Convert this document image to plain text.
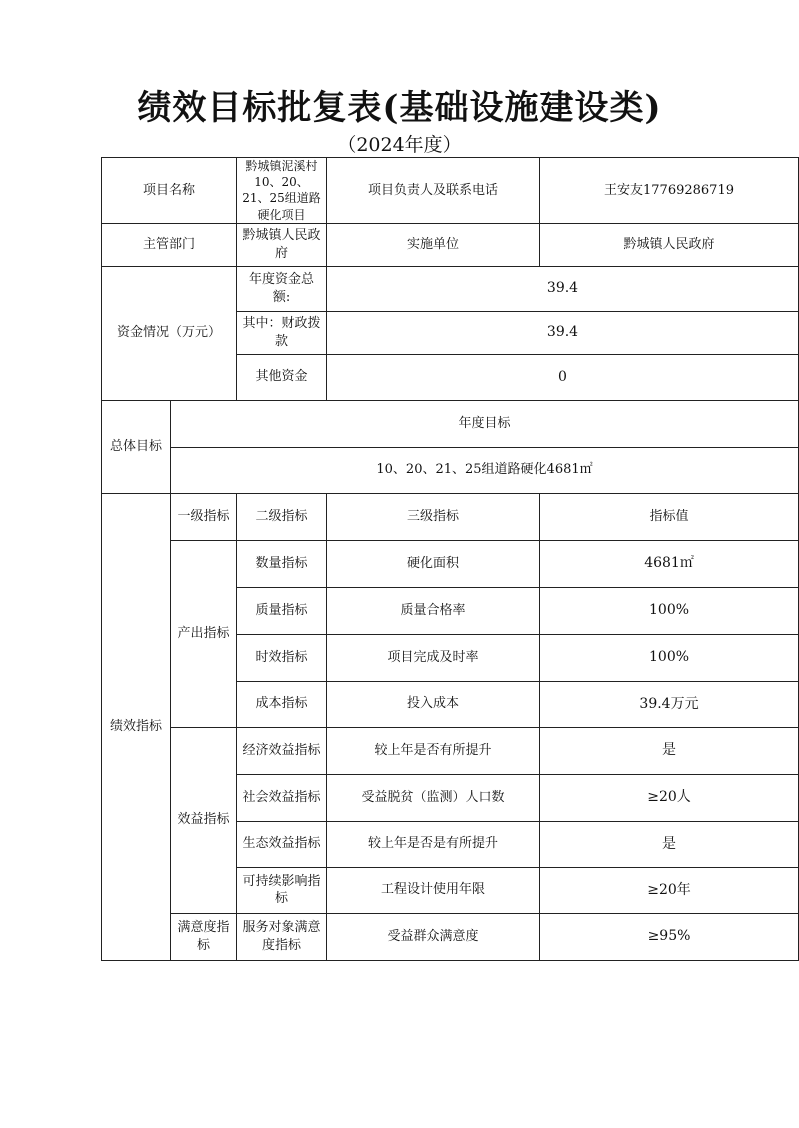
绩效目标批复表(基础设施建设类)
（2024年度）
项目名称		黔城镇泥溪村10、20、21、25组道路硬化项目	项目负责人及联系电话	王安友17769286719
主管部门		黔城镇人民政府	实施单位	黔城镇人民政府
资金情况（万元）		年度资金总额:	39.4	
		其中：财政拨款	39.4	
		其他资金	0	
总体目标	年度目标			
	10、20、21、25组道路硬化4681㎡			
绩效指标	一级指标	二级指标	三级指标	指标值
	产出指标	数量指标	硬化面积	4681㎡
		质量指标	质量合格率	100%
		时效指标	项目完成及时率	100%
		成本指标	投入成本	39.4万元
	效益指标	经济效益指标	较上年是否有所提升	是
		社会效益指标	受益脱贫（监测）人口数	≥20人
		生态效益指标	较上年是否是有所提升	是
		可持续影响指标	工程设计使用年限	≥20年
	满意度指标	服务对象满意度指标	受益群众满意度	≥95%
